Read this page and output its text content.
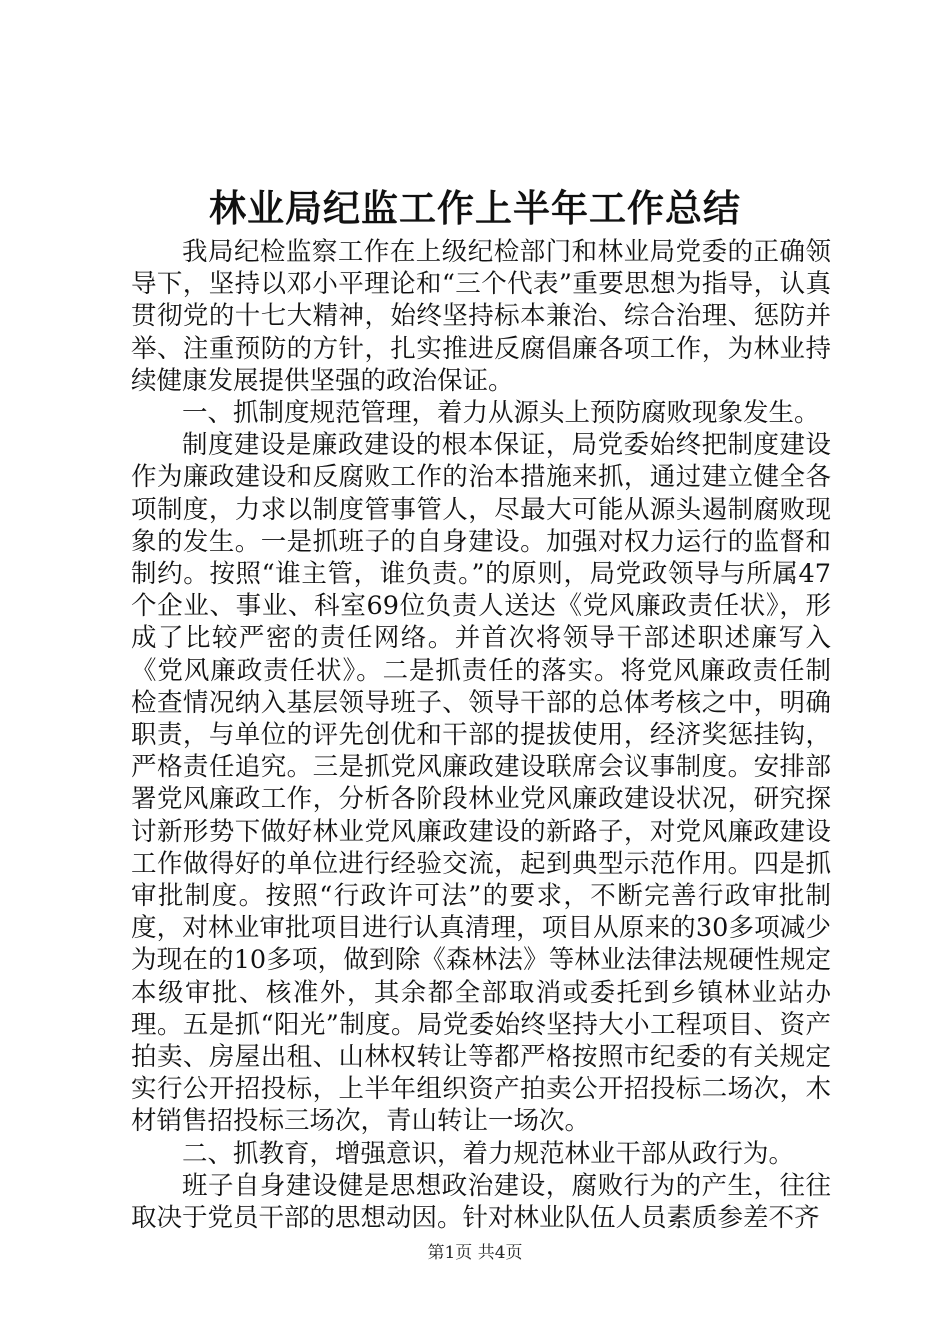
林业局纪监工作上半年工作总结

我局纪检监察工作在上级纪检部门和林业局党委的正确领导下，坚持以邓小平理论和“三个代表”重要思想为指导，认真贯彻党的十七大精神，始终坚持标本兼治、综合治理、惩防并举、注重预防的方针，扎实推进反腐倡廉各项工作，为林业持续健康发展提供坚强的政治保证。

一、抓制度规范管理，着力从源头上预防腐败现象发生。

制度建设是廉政建设的根本保证，局党委始终把制度建设作为廉政建设和反腐败工作的治本措施来抓，通过建立健全各项制度，力求以制度管事管人，尽最大可能从源头遏制腐败现象的发生。一是抓班子的自身建设。加强对权力运行的监督和制约。按照“谁主管，谁负责。”的原则，局党政领导与所属47个企业、事业、科室69位负责人送达《党风廉政责任状》，形成了比较严密的责任网络。并首次将领导干部述职述廉写入《党风廉政责任状》。二是抓责任的落实。将党风廉政责任制检查情况纳入基层领导班子、领导干部的总体考核之中，明确职责，与单位的评先创优和干部的提拔使用，经济奖惩挂钩，严格责任追究。三是抓党风廉政建设联席会议事制度。安排部署党风廉政工作，分析各阶段林业党风廉政建设状况，研究探讨新形势下做好林业党风廉政建设的新路子，对党风廉政建设工作做得好的单位进行经验交流，起到典型示范作用。四是抓审批制度。按照“行政许可法”的要求，不断完善行政审批制度，对林业审批项目进行认真清理，项目从原来的30多项减少为现在的10多项，做到除《森林法》等林业法律法规硬性规定本级审批、核准外，其余都全部取消或委托到乡镇林业站办理。五是抓“阳光”制度。局党委始终坚持大小工程项目、资产拍卖、房屋出租、山林权转让等都严格按照市纪委的有关规定实行公开招投标，上半年组织资产拍卖公开招投标二场次，木材销售招投标三场次，青山转让一场次。

二、抓教育，增强意识，着力规范林业干部从政行为。

班子自身建设健是思想政治建设，腐败行为的产生，往往取决于党员干部的思想动因。针对林业队伍人员素质参差不齐

第1页 共4页
